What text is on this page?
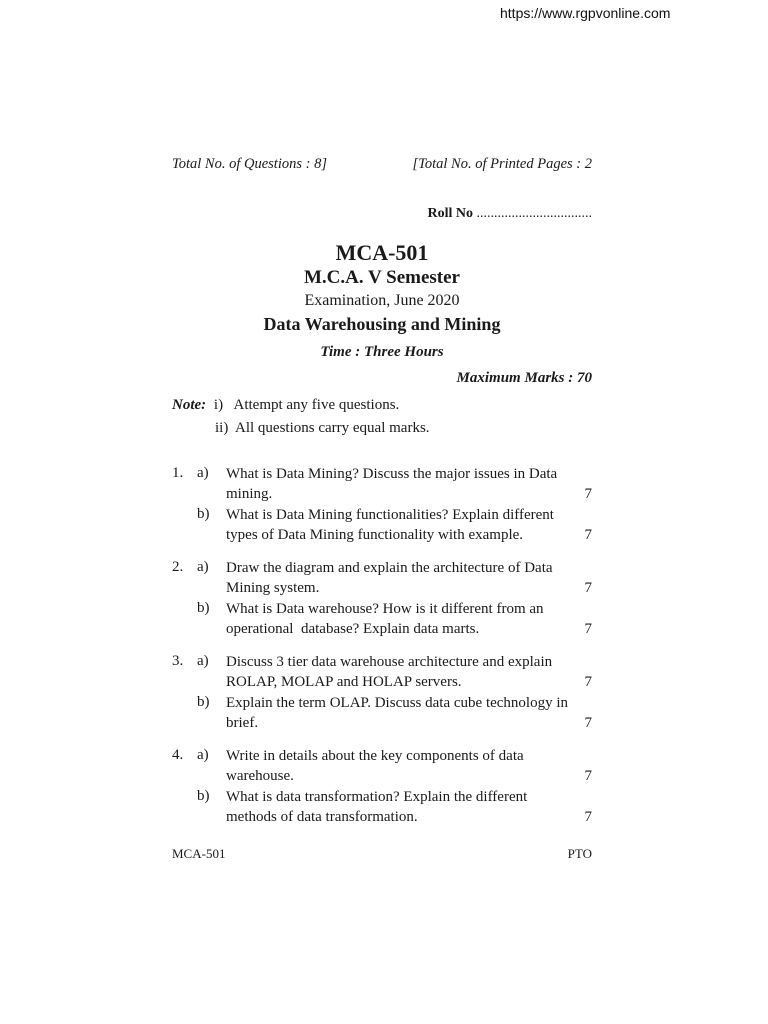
https://www.rgpvonline.com
Total No. of Questions : 8]	[Total No. of Printed Pages : 2
Roll No .................................
MCA-501
M.C.A. V Semester
Examination, June 2020
Data Warehousing and Mining
Time : Three Hours
Maximum Marks : 70
Note: i)   Attempt any five questions.
ii)  All questions carry equal marks.
1. a)	What is Data Mining? Discuss the major issues in Data
mining.	7
b)	What is Data Mining functionalities? Explain different
types of Data Mining functionality with example.	7
2. a)	Draw the diagram and explain the architecture of Data
Mining system.	7
b)	What is Data warehouse? How is it different from an
operational  database? Explain data marts.	7
3. a)	Discuss 3 tier data warehouse architecture and explain
ROLAP, MOLAP and HOLAP servers.	7
b)	Explain the term OLAP. Discuss data cube technology in
brief.	7
4. a)	Write in details about the key components of data
warehouse.	7
b)	What is data transformation? Explain the different
methods of data transformation.	7
MCA-501	PTO
